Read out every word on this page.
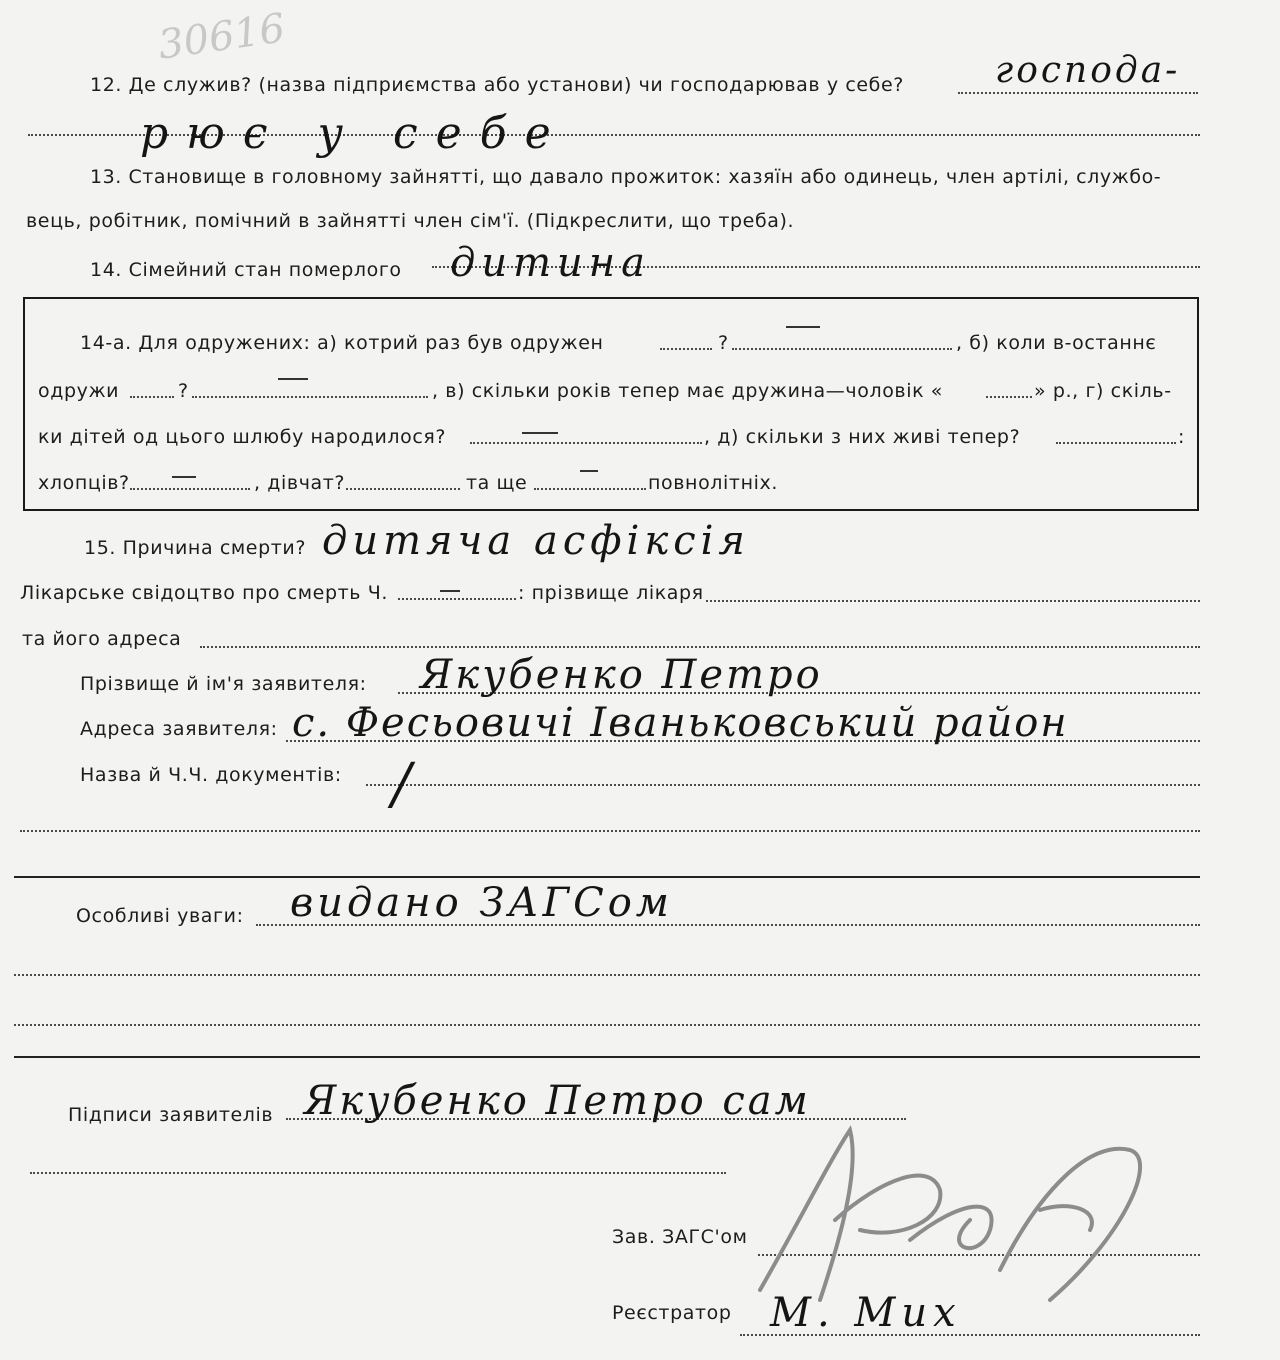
30616
12. Де служив? (назва підприємства або установи) чи господарював у себе?	господа-
рює у себе
13. Становище в головному зайнятті, що давало прожиток: хазяїн або одинець, член артілі, службо-
вець, робітник, помічний в зайнятті член сім'ї. (Підкреслити, що треба).
14. Сімейний стан померлого дитина
14-а. Для одружених: а) котрий раз був одружен	?	, б) коли в-останнє
одружи	?	, в) скільки років тепер має дружина—чоловік «	» р., г) скіль-
ки дітей од цього шлюбу народилося?	, д) скільки з них живі тепер?	:
хлопців?	, дівчат?	та ще	повнолітніх.
15. Причина смерти? дитяча асфіксія
Лікарське свідоцтво про смерть Ч.	: прізвище лікаря
та його адреса
Прізвище й ім'я заявителя: Якубенко Петро
Адреса заявителя: с. Фесьовичі Іваньковський район
Назва й Ч.Ч. документів: /
Особливі уваги: видано ЗАГСом
Підписи заявителів Якубенко Петро сам
Зав. ЗАГС'ом
Реєстратор М. Мих
